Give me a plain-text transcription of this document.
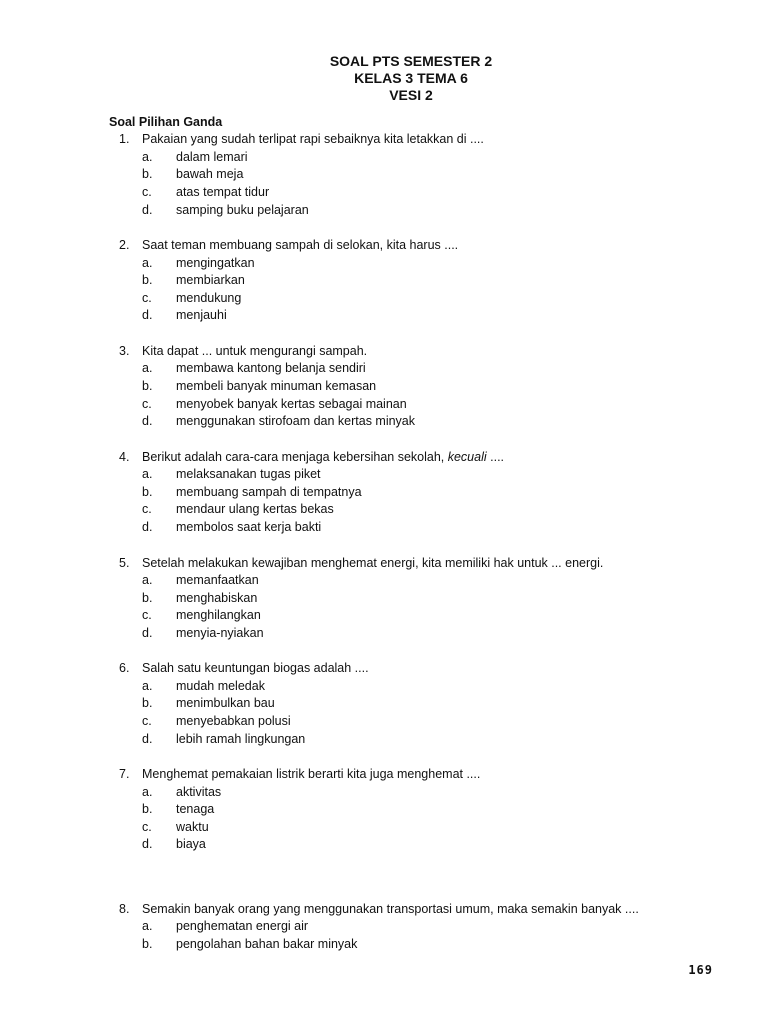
SOAL PTS SEMESTER 2
KELAS 3 TEMA 6
VESI 2
Soal Pilihan Ganda
1. Pakaian yang sudah terlipat rapi sebaiknya kita letakkan di ....
a. dalam lemari
b. bawah meja
c. atas tempat tidur
d. samping buku pelajaran
2. Saat teman membuang sampah di selokan, kita harus ....
a. mengingatkan
b. membiarkan
c. mendukung
d. menjauhi
3. Kita dapat ... untuk mengurangi sampah.
a. membawa kantong belanja sendiri
b. membeli banyak minuman kemasan
c. menyobek banyak kertas sebagai mainan
d. menggunakan stirofoam dan kertas minyak
4. Berikut adalah cara-cara menjaga kebersihan sekolah, kecuali ....
a. melaksanakan tugas piket
b. membuang sampah di tempatnya
c. mendaur ulang kertas bekas
d. membolos saat kerja bakti
5. Setelah melakukan kewajiban menghemat energi, kita memiliki hak untuk ... energi.
a. memanfaatkan
b. menghabiskan
c. menghilangkan
d. menyia-nyiakan
6. Salah satu keuntungan biogas adalah ....
a. mudah meledak
b. menimbulkan bau
c. menyebabkan polusi
d. lebih ramah lingkungan
7. Menghemat pemakaian listrik berarti kita juga menghemat ....
a. aktivitas
b. tenaga
c. waktu
d. biaya
8. Semakin banyak orang yang menggunakan transportasi umum, maka semakin banyak ....
a. penghematan energi air
b. pengolahan bahan bakar minyak
169
